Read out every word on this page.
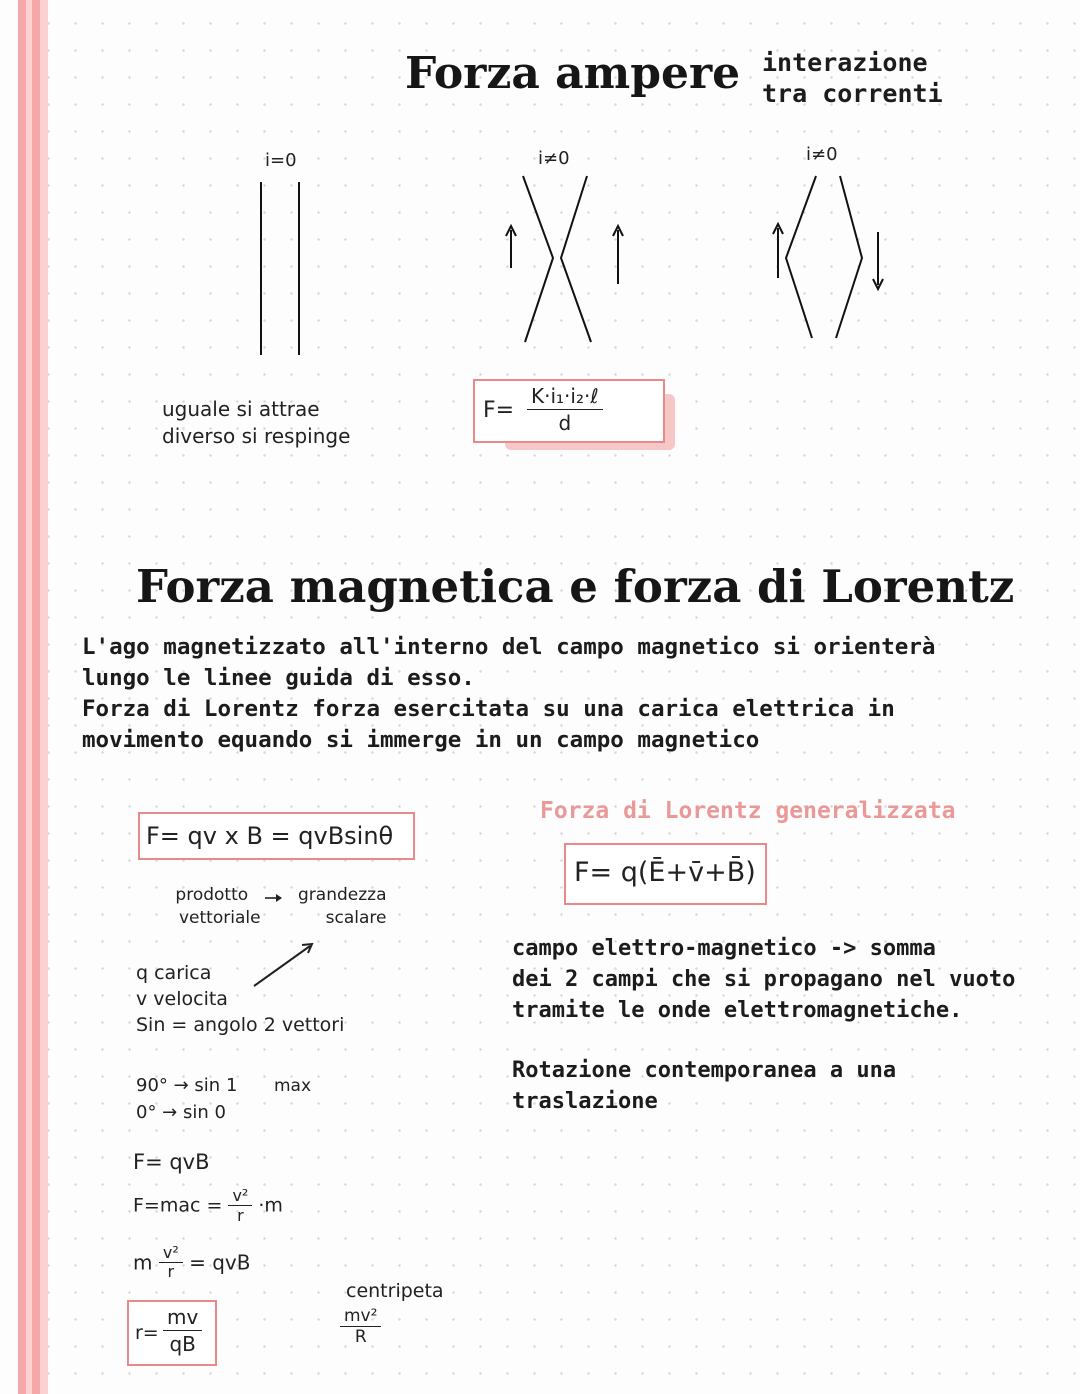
Forza ampere interazione
tra correnti
i=0	i≠0	i≠0
uguale si attrae
diverso si respinge
F=
K·i₁·i₂·ℓ
d
Forza magnetica e forza di Lorentz
L'ago magnetizzato all'interno del campo magnetico si orienterà
lungo le linee guida di esso.
Forza di Lorentz forza esercitata su una carica elettrica in
movimento equando si immerge in un campo magnetico
F= qv x B = qvBsinθ
prodotto
vettoriale
grandezza
scalare
q carica
v velocita
Sin = angolo 2 vettori
90° → sin 1
0° → sin 0
max
F= qvB
$F=mac = \frac{\text{v²}}{r} \cdot m$
m $\frac{\text{v²}}{r}$ = qvB
$r= \frac{mv}{qB}$
centripeta
$\frac{\text{mv²}}{R}$
Forza di Lorentz generalizzata
F= q(Ē+v̄+B̄)
campo elettro-magnetico -> somma
dei 2 campi che si propagano nel vuoto
tramite le onde elettromagnetiche.
Rotazione contemporanea a una
traslazione
